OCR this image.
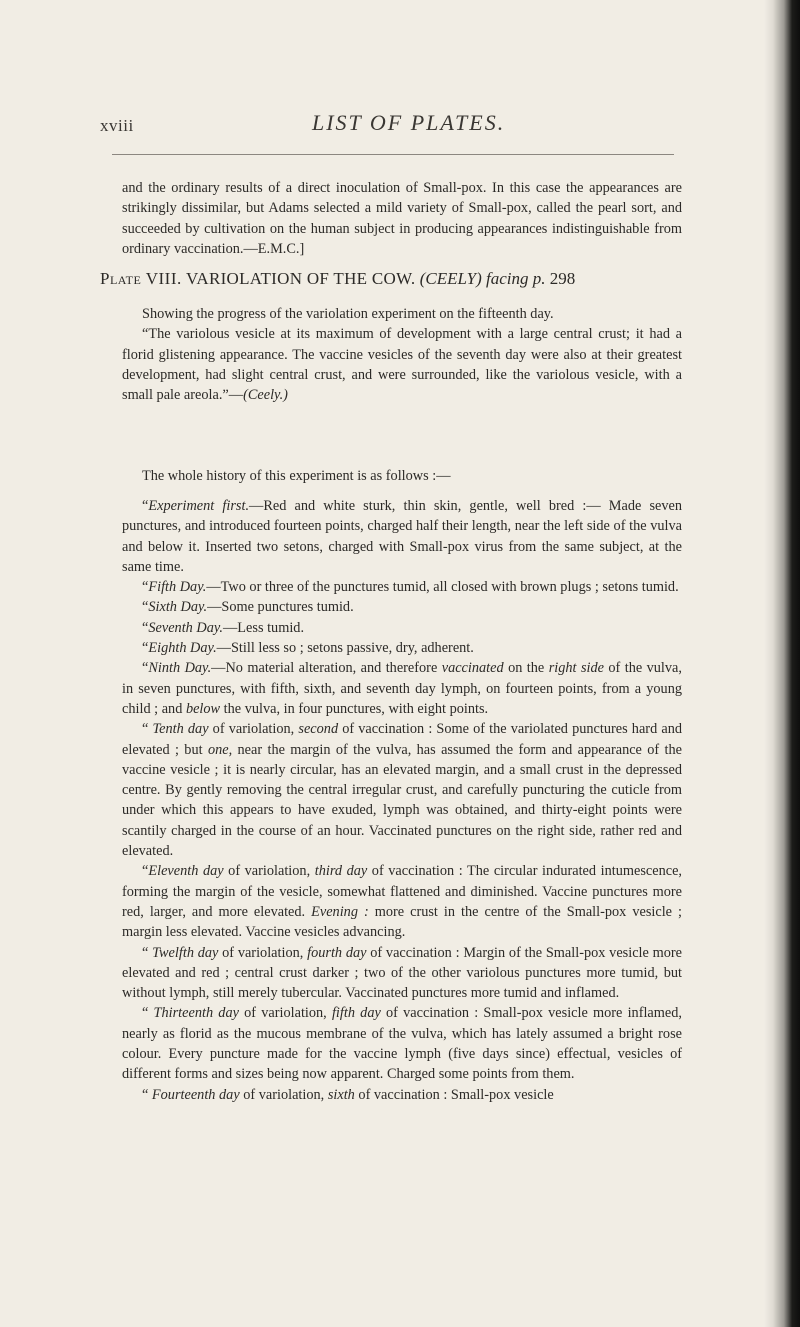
xviii	LIST OF PLATES.

and the ordinary results of a direct inoculation of Small-pox. In this case the appearances are strikingly dissimilar, but Adams selected a mild variety of Small-pox, called the pearl sort, and succeeded by cultivation on the human subject in producing appearances indistinguishable from ordinary vaccination.—E.M.C.]

Plate VIII. VARIOLATION OF THE COW. (CEELY) facing p. 298

Showing the progress of the variolation experiment on the fifteenth day.

“The variolous vesicle at its maximum of development with a large central crust; it had a florid glistening appearance. The vaccine vesicles of the seventh day were also at their greatest development, had slight central crust, and were surrounded, like the variolous vesicle, with a small pale areola.”—(Ceely.)

The whole history of this experiment is as follows :—

“Experiment first.—Red and white sturk, thin skin, gentle, well bred :— Made seven punctures, and introduced fourteen points, charged half their length, near the left side of the vulva and below it. Inserted two setons, charged with Small-pox virus from the same subject, at the same time.

“Fifth Day.—Two or three of the punctures tumid, all closed with brown plugs ; setons tumid.

“Sixth Day.—Some punctures tumid.

“Seventh Day.—Less tumid.

“Eighth Day.—Still less so ; setons passive, dry, adherent.

“Ninth Day.—No material alteration, and therefore vaccinated on the right side of the vulva, in seven punctures, with fifth, sixth, and seventh day lymph, on fourteen points, from a young child ; and below the vulva, in four punctures, with eight points.

“ Tenth day of variolation, second of vaccination : Some of the variolated punctures hard and elevated ; but one, near the margin of the vulva, has assumed the form and appearance of the vaccine vesicle ; it is nearly circular, has an elevated margin, and a small crust in the depressed centre. By gently removing the central irregular crust, and carefully puncturing the cuticle from under which this appears to have exuded, lymph was obtained, and thirty-eight points were scantily charged in the course of an hour. Vaccinated punctures on the right side, rather red and elevated.

“Eleventh day of variolation, third day of vaccination : The circular indurated intumescence, forming the margin of the vesicle, somewhat flattened and diminished. Vaccine punctures more red, larger, and more elevated. Evening : more crust in the centre of the Small-pox vesicle ; margin less elevated. Vaccine vesicles advancing.

“ Twelfth day of variolation, fourth day of vaccination : Margin of the Small-pox vesicle more elevated and red ; central crust darker ; two of the other variolous punctures more tumid, but without lymph, still merely tubercular. Vaccinated punctures more tumid and inflamed.

“ Thirteenth day of variolation, fifth day of vaccination : Small-pox vesicle more inflamed, nearly as florid as the mucous membrane of the vulva, which has lately assumed a bright rose colour. Every puncture made for the vaccine lymph (five days since) effectual, vesicles of different forms and sizes being now apparent. Charged some points from them.

“ Fourteenth day of variolation, sixth of vaccination : Small-pox vesicle
